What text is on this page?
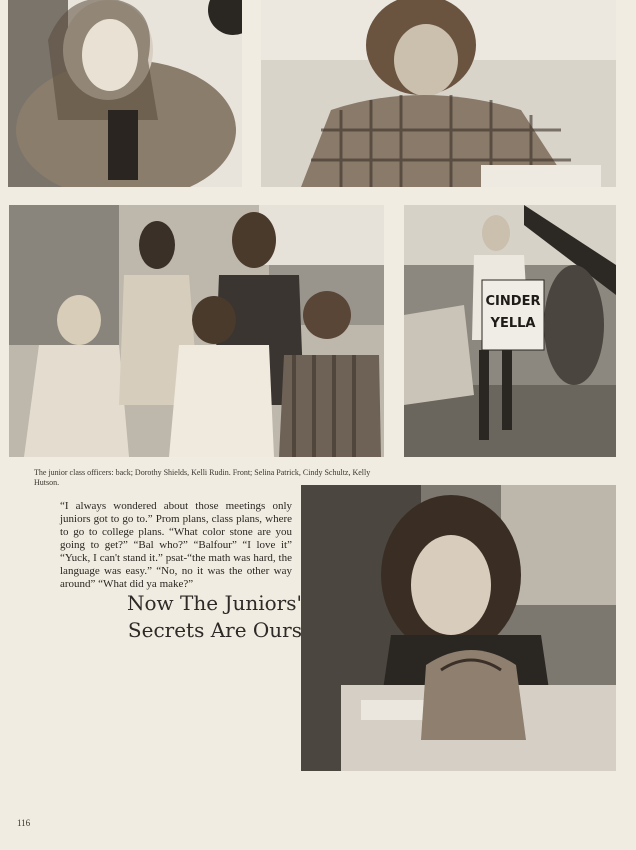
CINDER
YELLA
The junior class officers: back; Dorothy Shields, Kelli Rudin. Front; Selina Patrick, Cindy Schultz, Kelly Hutson.

“I always wondered about those meetings only juniors got to go to.” Prom plans, class plans, where to go to college plans. “What color stone are you going to get?” “Bal who?” “Balfour” “I love it” “Yuck, I can't stand it.” psat-“the math was hard, the language was easy.” “No, no it was the other way around” “What did ya make?”

Now The Juniors'
Secrets Are Ours
116
